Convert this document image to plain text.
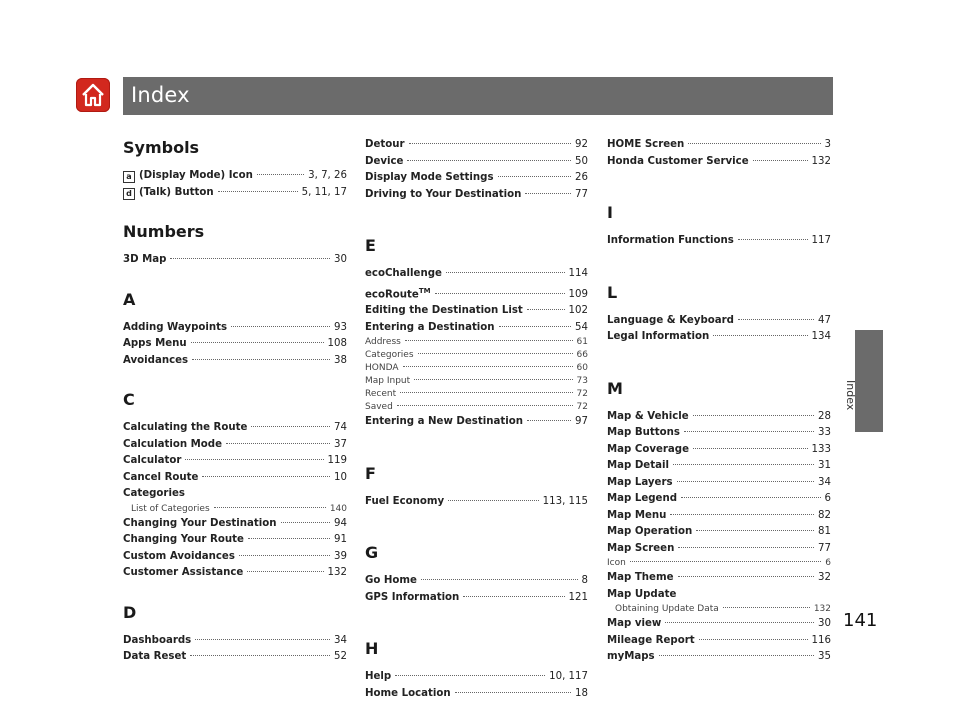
Index
Index
141
Symbols
a (Display Mode) Icon	3, 7, 26
d (Talk) Button	5, 11, 17
Numbers
3D Map	30
A
Adding Waypoints	93
Apps Menu	108
Avoidances	38
C
Calculating the Route	74
Calculation Mode	37
Calculator	119
Cancel Route	10
Categories
List of Categories	140
Changing Your Destination	94
Changing Your Route	91
Custom Avoidances	39
Customer Assistance	132
D
Dashboards	34
Data Reset	52
Detour	92
Device	50
Display Mode Settings	26
Driving to Your Destination	77
E
ecoChallenge	114
ecoRoute™	109
Editing the Destination List	102
Entering a Destination	54
Address	61
Categories	66
HONDA	60
Map Input	73
Recent	72
Saved	72
Entering a New Destination	97
F
Fuel Economy	113, 115
G
Go Home	8
GPS Information	121
H
Help	10, 117
Home Location	18
HOME Screen	3
Honda Customer Service	132
I
Information Functions	117
L
Language & Keyboard	47
Legal Information	134
M
Map & Vehicle	28
Map Buttons	33
Map Coverage	133
Map Detail	31
Map Layers	34
Map Legend	6
Map Menu	82
Map Operation	81
Map Screen	77
Icon	6
Map Theme	32
Map Update
Obtaining Update Data	132
Map view	30
Mileage Report	116
myMaps	35
